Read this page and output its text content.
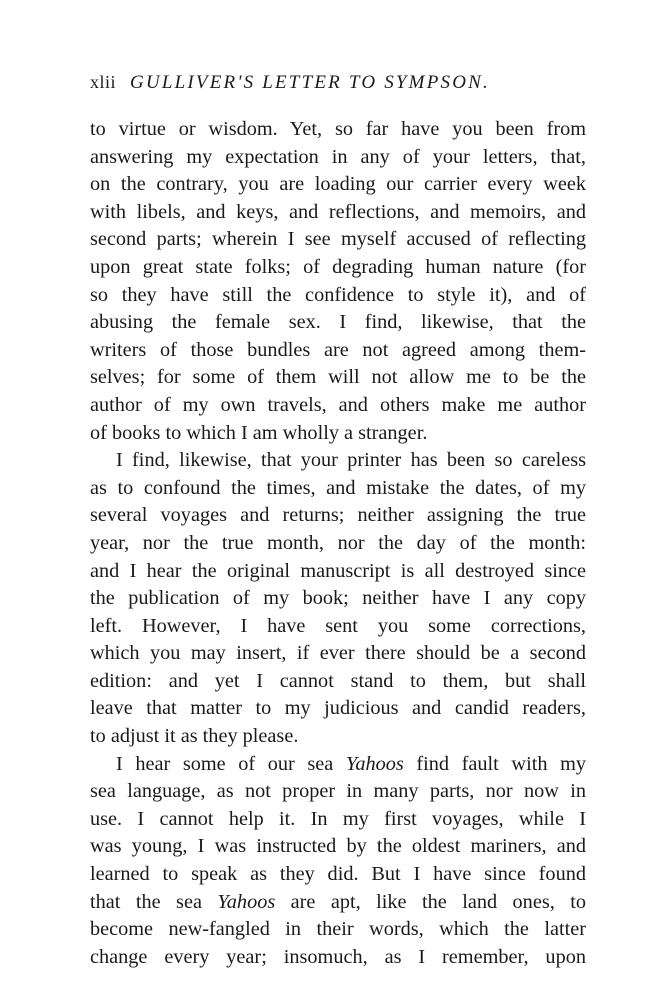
xlii GULLIVER'S LETTER TO SYMPSON.

to virtue or wisdom. Yet, so far have you been from
answering my expectation in any of your letters, that,
on the contrary, you are loading our carrier every week
with libels, and keys, and reflections, and memoirs, and
second parts; wherein I see myself accused of reflecting
upon great state folks; of degrading human nature (for
so they have still the confidence to style it), and of
abusing the female sex. I find, likewise, that the
writers of those bundles are not agreed among them-
selves; for some of them will not allow me to be the
author of my own travels, and others make me author
of books to which I am wholly a stranger.

I find, likewise, that your printer has been so careless
as to confound the times, and mistake the dates, of my
several voyages and returns; neither assigning the true
year, nor the true month, nor the day of the month:
and I hear the original manuscript is all destroyed since
the publication of my book; neither have I any copy
left. However, I have sent you some corrections,
which you may insert, if ever there should be a second
edition: and yet I cannot stand to them, but shall
leave that matter to my judicious and candid readers,
to adjust it as they please.

I hear some of our sea Yahoos find fault with my
sea language, as not proper in many parts, nor now in
use. I cannot help it. In my first voyages, while I
was young, I was instructed by the oldest mariners, and
learned to speak as they did. But I have since found
that the sea Yahoos are apt, like the land ones, to
become new-fangled in their words, which the latter
change every year; insomuch, as I remember, upon
